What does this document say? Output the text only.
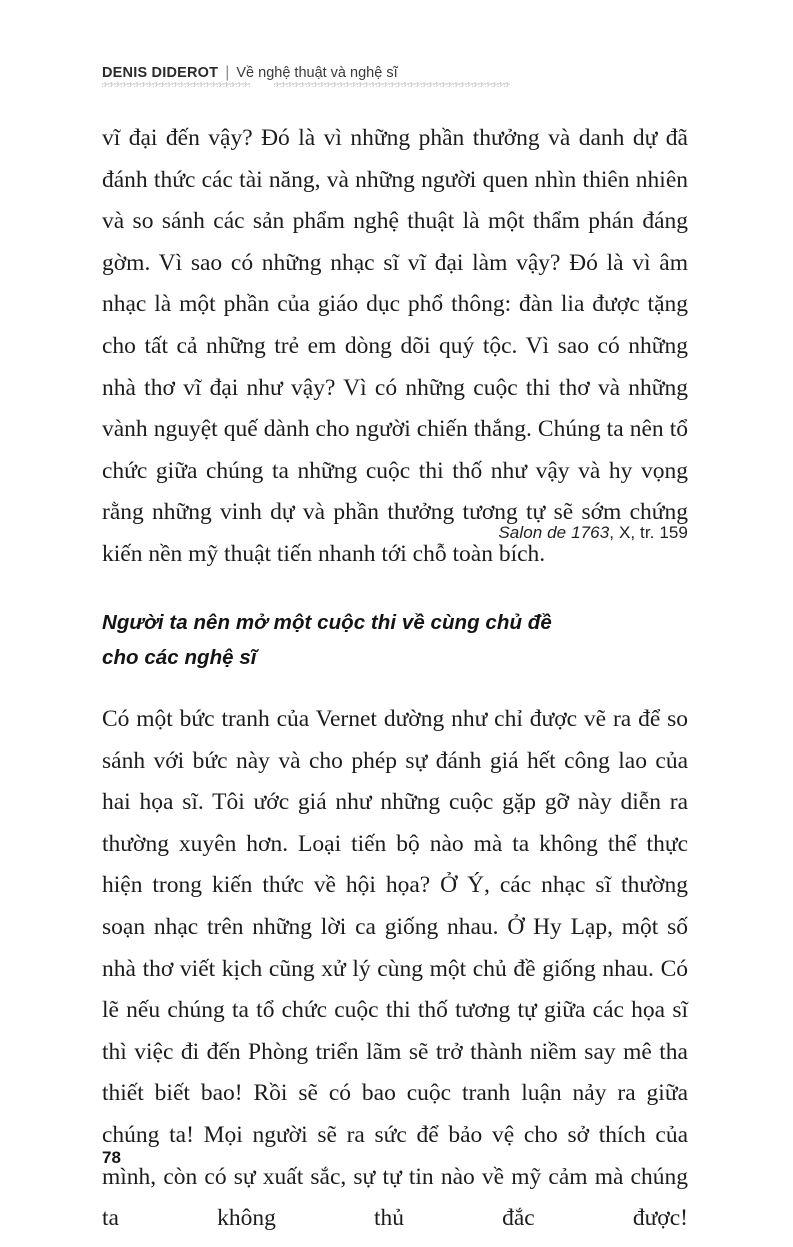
DENIS DIDEROT | Về nghệ thuật và nghệ sĩ

vĩ đại đến vậy? Đó là vì những phần thưởng và danh dự đã đánh thức các tài năng, và những người quen nhìn thiên nhiên và so sánh các sản phẩm nghệ thuật là một thẩm phán đáng gờm. Vì sao có những nhạc sĩ vĩ đại làm vậy? Đó là vì âm nhạc là một phần của giáo dục phổ thông: đàn lia được tặng cho tất cả những trẻ em dòng dõi quý tộc. Vì sao có những nhà thơ vĩ đại như vậy? Vì có những cuộc thi thơ và những vành nguyệt quế dành cho người chiến thắng. Chúng ta nên tổ chức giữa chúng ta những cuộc thi thố như vậy và hy vọng rằng những vinh dự và phần thưởng tương tự sẽ sớm chứng kiến nền mỹ thuật tiến nhanh tới chỗ toàn bích.

Salon de 1763, X, tr. 159
Người ta nên mở một cuộc thi về cùng chủ đề
cho các nghệ sĩ

Có một bức tranh của Vernet dường như chỉ được vẽ ra để so sánh với bức này và cho phép sự đánh giá hết công lao của hai họa sĩ. Tôi ước giá như những cuộc gặp gỡ này diễn ra thường xuyên hơn. Loại tiến bộ nào mà ta không thể thực hiện trong kiến thức về hội họa? Ở Ý, các nhạc sĩ thường soạn nhạc trên những lời ca giống nhau. Ở Hy Lạp, một số nhà thơ viết kịch cũng xử lý cùng một chủ đề giống nhau. Có lẽ nếu chúng ta tổ chức cuộc thi thố tương tự giữa các họa sĩ thì việc đi đến Phòng triển lãm sẽ trở thành niềm say mê tha thiết biết bao! Rồi sẽ có bao cuộc tranh luận nảy ra giữa chúng ta! Mọi người sẽ ra sức để bảo vệ cho sở thích của mình, còn có sự xuất sắc, sự tự tin nào về mỹ cảm mà chúng ta không thủ đắc được!

78
